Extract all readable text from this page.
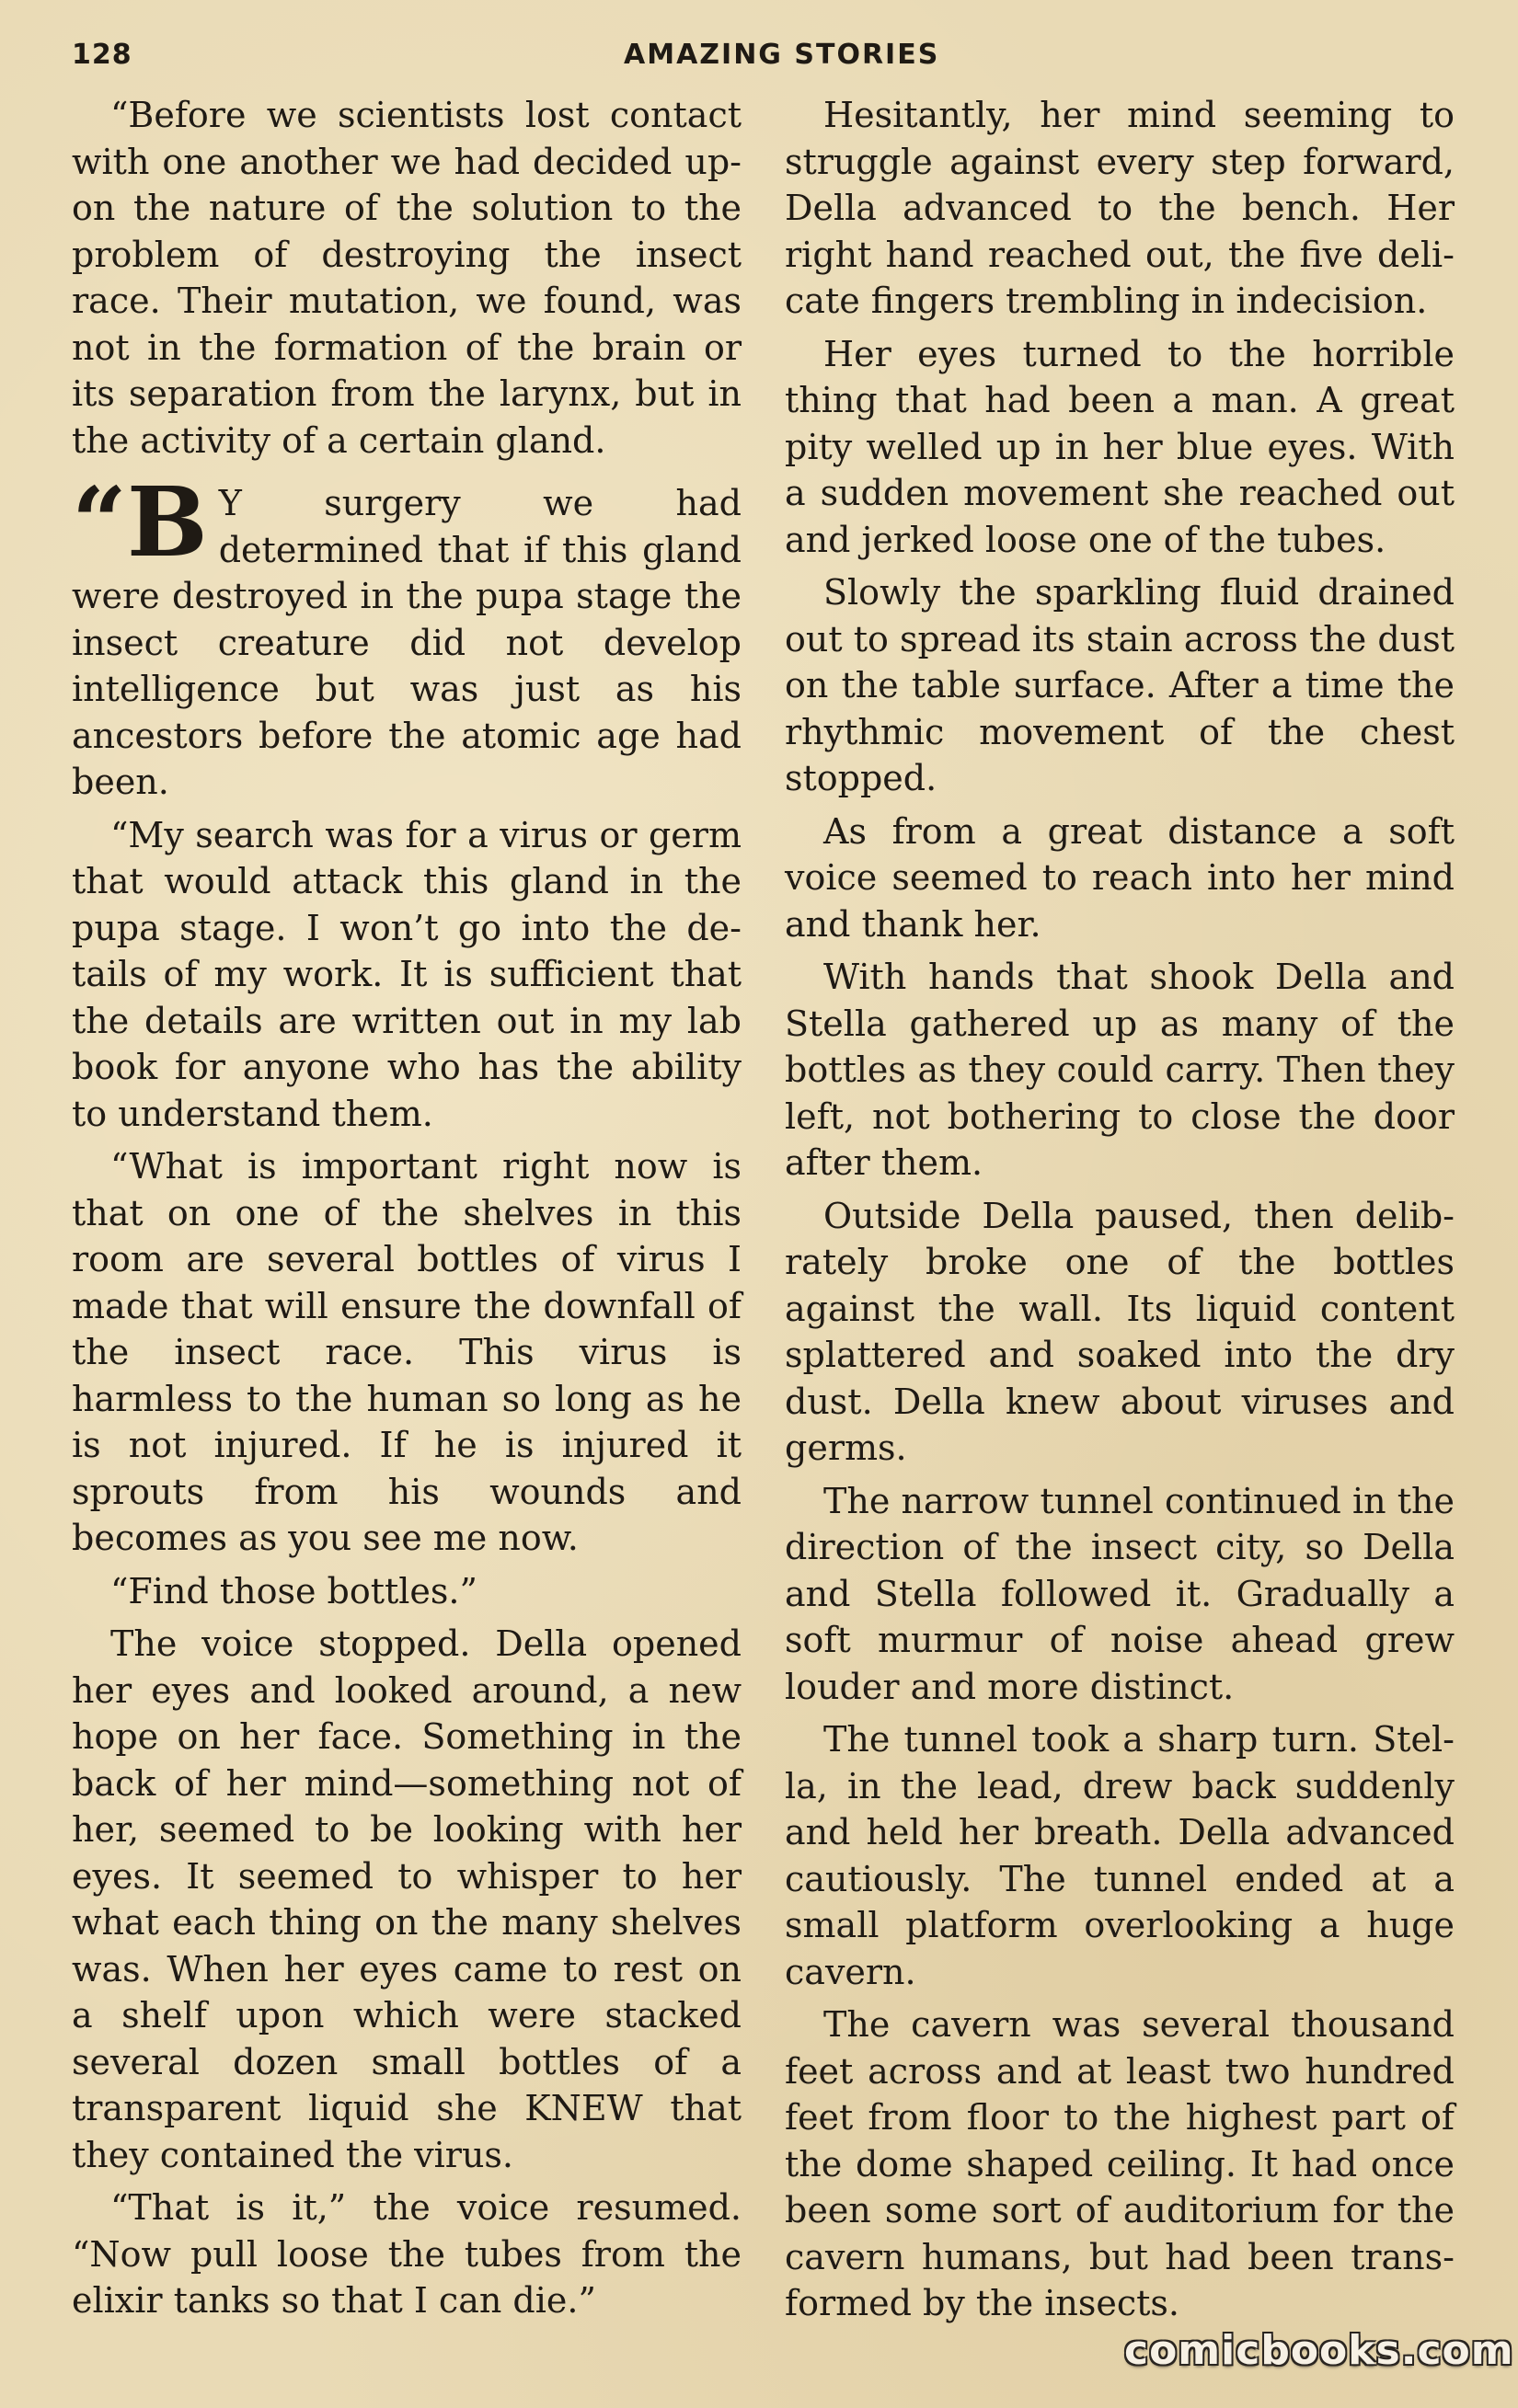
128	AMAZING STORIES

“Before we scientists lost contact with one another we had decided upon the nature of the solution to the problem of destroying the insect race. Their mutation, we found, was not in the formation of the brain or its separation from the larynx, but in the activity of a certain gland.

“B Y surgery we had determined that if this gland were destroyed in the pupa stage the insect creature did not develop intelligence but was just as his ancestors before the atomic age had been.

“My search was for a virus or germ that would attack this gland in the pupa stage. I won’t go into the details of my work. It is sufficient that the details are written out in my lab book for anyone who has the ability to understand them.

“What is important right now is that on one of the shelves in this room are several bottles of virus I made that will ensure the downfall of the insect race. This virus is harmless to the human so long as he is not injured. If he is injured it sprouts from his wounds and becomes as you see me now.

“Find those bottles.”

The voice stopped. Della opened her eyes and looked around, a new hope on her face. Something in the back of her mind—something not of her, seemed to be looking with her eyes. It seemed to whisper to her what each thing on the many shelves was. When her eyes came to rest on a shelf upon which were stacked several dozen small bottles of a transparent liquid she KNEW that they contained the virus.

“That is it,” the voice resumed. “Now pull loose the tubes from the elixir tanks so that I can die.”

Hesitantly, her mind seeming to struggle against every step forward, Della advanced to the bench. Her right hand reached out, the five delicate fingers trembling in indecision.

Her eyes turned to the horrible thing that had been a man. A great pity welled up in her blue eyes. With a sudden movement she reached out and jerked loose one of the tubes.

Slowly the sparkling fluid drained out to spread its stain across the dust on the table surface. After a time the rhythmic movement of the chest stopped.

As from a great distance a soft voice seemed to reach into her mind and thank her.

With hands that shook Della and Stella gathered up as many of the bottles as they could carry. Then they left, not bothering to close the door after them.

Outside Della paused, then delibrately broke one of the bottles against the wall. Its liquid content splattered and soaked into the dry dust. Della knew about viruses and germs.

The narrow tunnel continued in the direction of the insect city, so Della and Stella followed it. Gradually a soft murmur of noise ahead grew louder and more distinct.

The tunnel took a sharp turn. Stella, in the lead, drew back suddenly and held her breath. Della advanced cautiously. The tunnel ended at a small platform overlooking a huge cavern.

The cavern was several thousand feet across and at least two hundred feet from floor to the highest part of the dome shaped ceiling. It had once been some sort of auditorium for the cavern humans, but had been transformed by the insects.

comicbooks.com
